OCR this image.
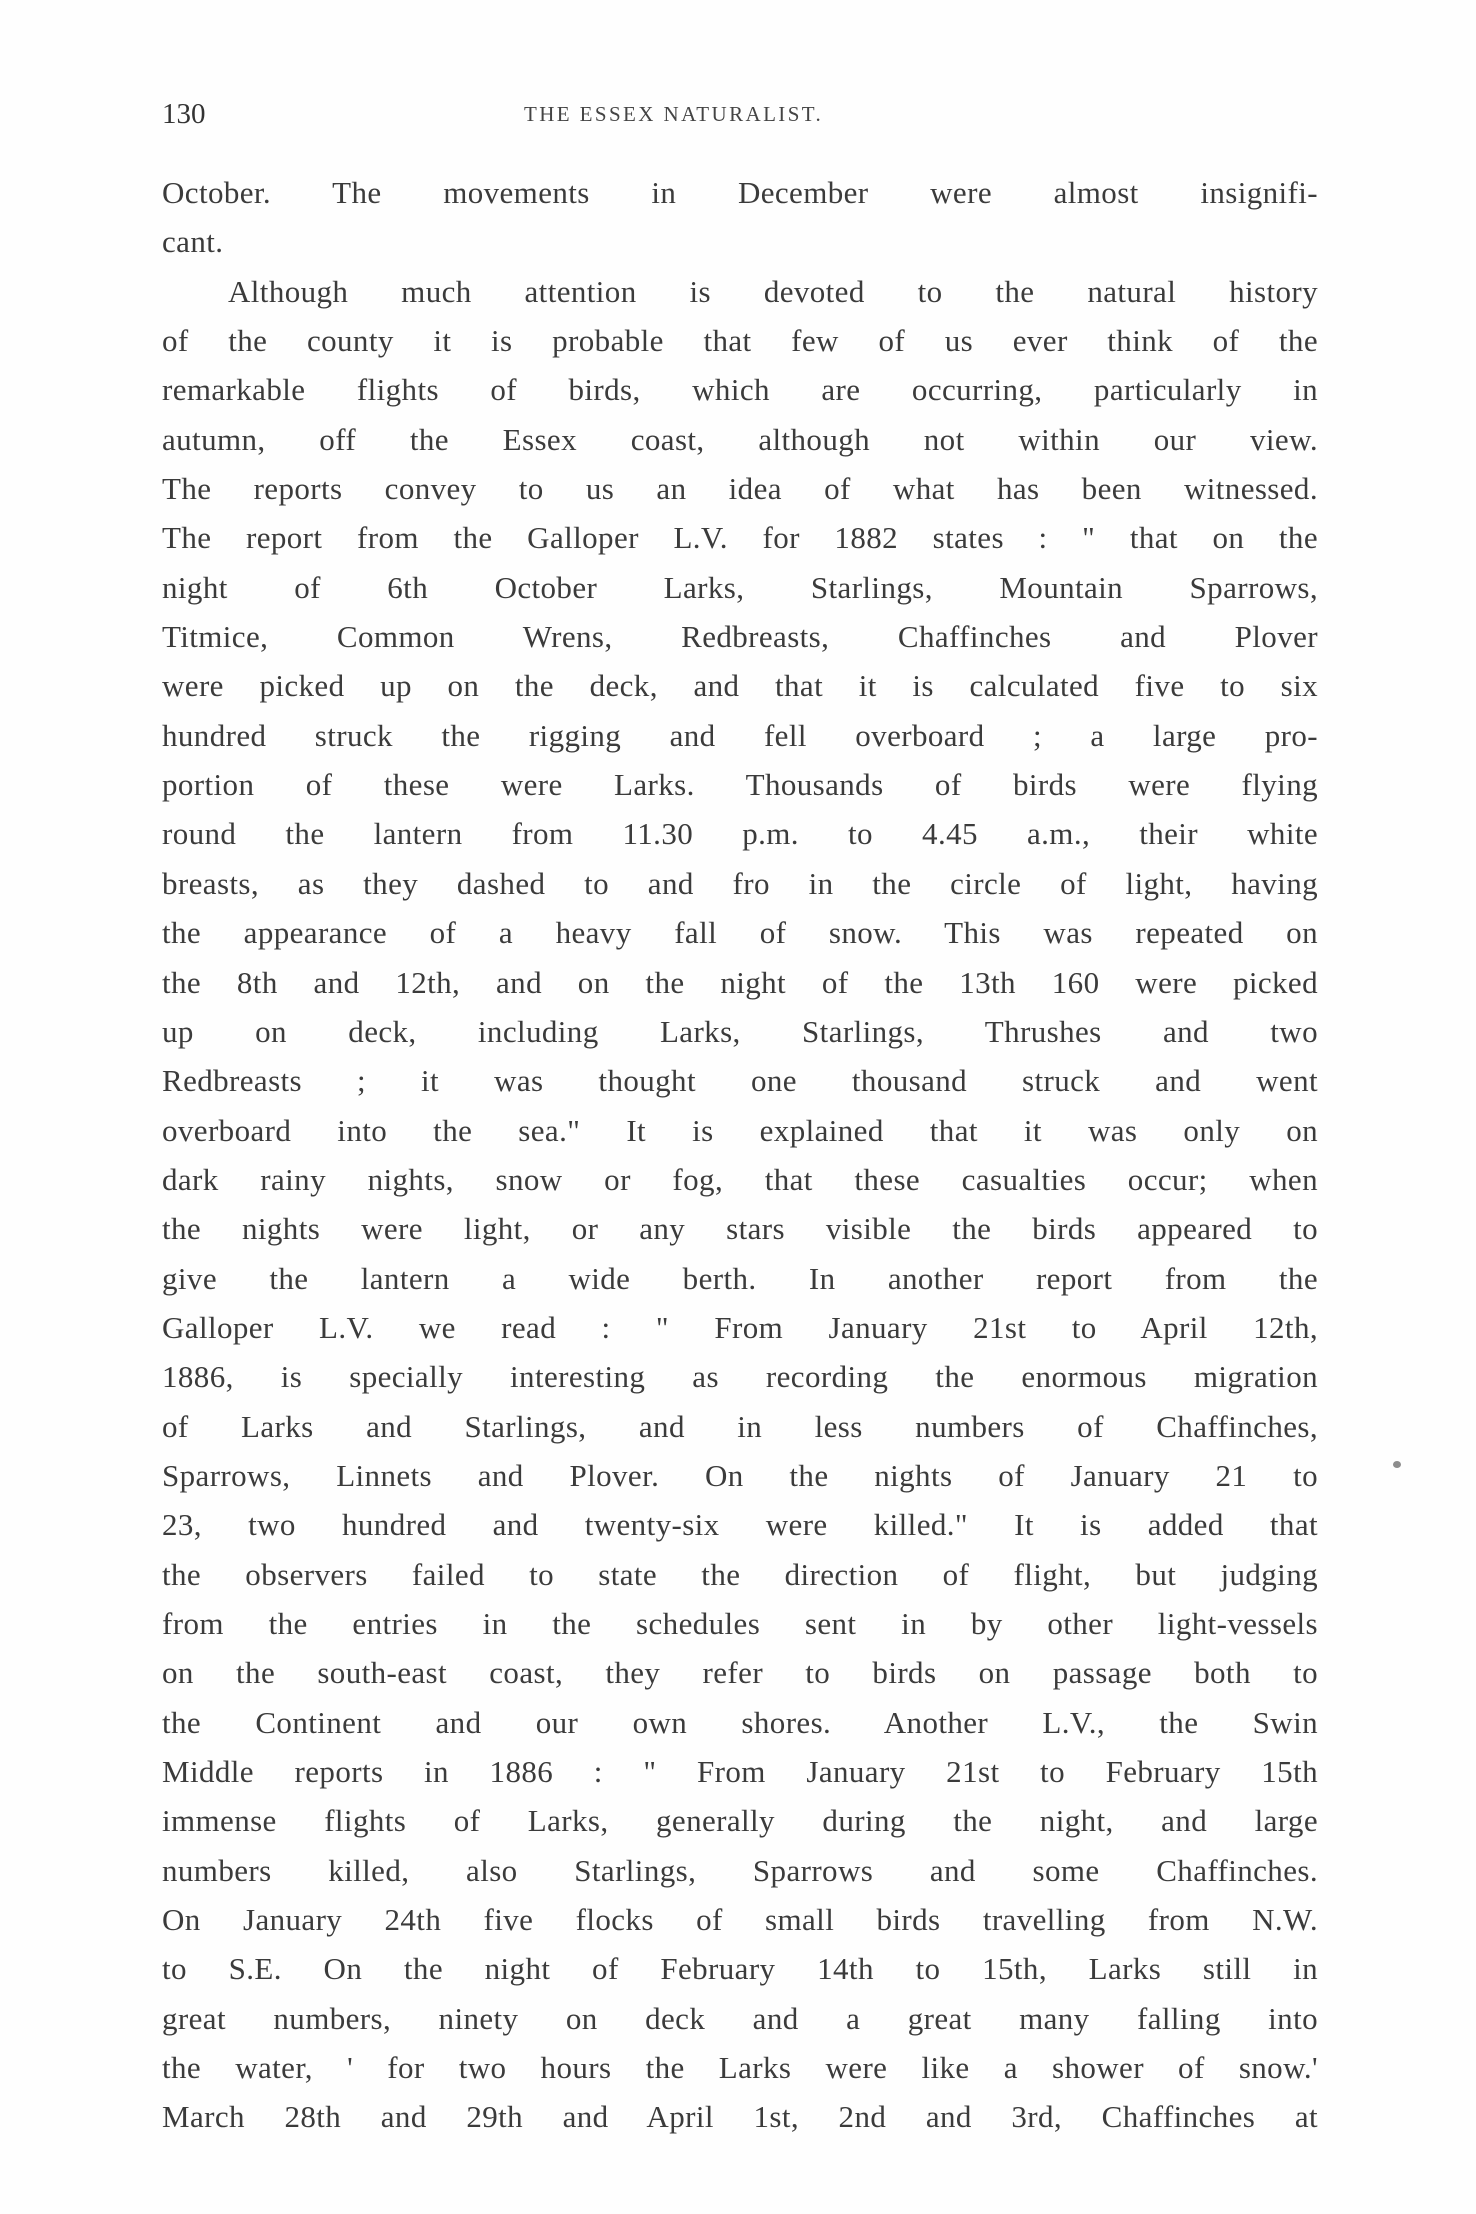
130	THE ESSEX NATURALIST.
October. The movements in December were almost insignifi-
cant.
Although much attention is devoted to the natural history
of the county it is probable that few of us ever think of the
remarkable flights of birds, which are occurring, particularly in
autumn, off the Essex coast, although not within our view.
The reports convey to us an idea of what has been witnessed.
The report from the Galloper L.V. for 1882 states : " that on the
night of 6th October Larks, Starlings, Mountain Sparrows,
Titmice, Common Wrens, Redbreasts, Chaffinches and Plover
were picked up on the deck, and that it is calculated five to six
hundred struck the rigging and fell overboard ; a large pro-
portion of these were Larks. Thousands of birds were flying
round the lantern from 11.30 p.m. to 4.45 a.m., their white
breasts, as they dashed to and fro in the circle of light, having
the appearance of a heavy fall of snow. This was repeated on
the 8th and 12th, and on the night of the 13th 160 were picked
up on deck, including Larks, Starlings, Thrushes and two
Redbreasts ; it was thought one thousand struck and went
overboard into the sea." It is explained that it was only on
dark rainy nights, snow or fog, that these casualties occur; when
the nights were light, or any stars visible the birds appeared to
give the lantern a wide berth. In another report from the
Galloper L.V. we read : " From January 21st to April 12th,
1886, is specially interesting as recording the enormous migration
of Larks and Starlings, and in less numbers of Chaffinches,
Sparrows, Linnets and Plover. On the nights of January 21 to
23, two hundred and twenty-six were killed." It is added that
the observers failed to state the direction of flight, but judging
from the entries in the schedules sent in by other light-vessels
on the south-east coast, they refer to birds on passage both to
the Continent and our own shores. Another L.V., the Swin
Middle reports in 1886 : " From January 21st to February 15th
immense flights of Larks, generally during the night, and large
numbers killed, also Starlings, Sparrows and some Chaffinches.
On January 24th five flocks of small birds travelling from N.W.
to S.E. On the night of February 14th to 15th, Larks still in
great numbers, ninety on deck and a great many falling into
the water, ' for two hours the Larks were like a shower of snow.'
March 28th and 29th and April 1st, 2nd and 3rd, Chaffinches at
